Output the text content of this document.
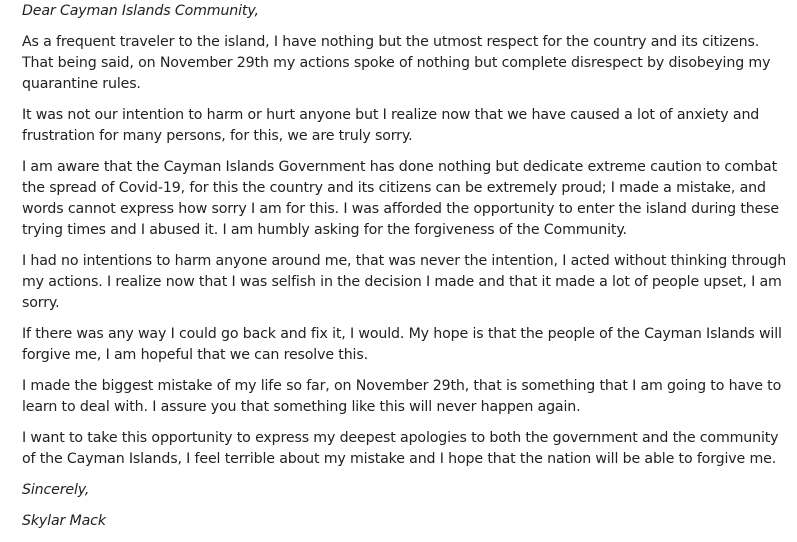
Dear Cayman Islands Community,

As a frequent traveler to the island, I have nothing but the utmost respect for the country and its citizens. That being said, on November 29th my actions spoke of nothing but complete disrespect by disobeying my quarantine rules.

It was not our intention to harm or hurt anyone but I realize now that we have caused a lot of anxiety and frustration for many persons, for this, we are truly sorry.

I am aware that the Cayman Islands Government has done nothing but dedicate extreme caution to combat the spread of Covid-19, for this the country and its citizens can be extremely proud; I made a mistake, and words cannot express how sorry I am for this. I was afforded the opportunity to enter the island during these trying times and I abused it. I am humbly asking for the forgiveness of the Community.

I had no intentions to harm anyone around me, that was never the intention, I acted without thinking through my actions. I realize now that I was selfish in the decision I made and that it made a lot of people upset, I am sorry.

If there was any way I could go back and fix it, I would. My hope is that the people of the Cayman Islands will forgive me, I am hopeful that we can resolve this.

I made the biggest mistake of my life so far, on November 29th, that is something that I am going to have to learn to deal with. I assure you that something like this will never happen again.

I want to take this opportunity to express my deepest apologies to both the government and the community of the Cayman Islands, I feel terrible about my mistake and I hope that the nation will be able to forgive me.

Sincerely,

Skylar Mack
